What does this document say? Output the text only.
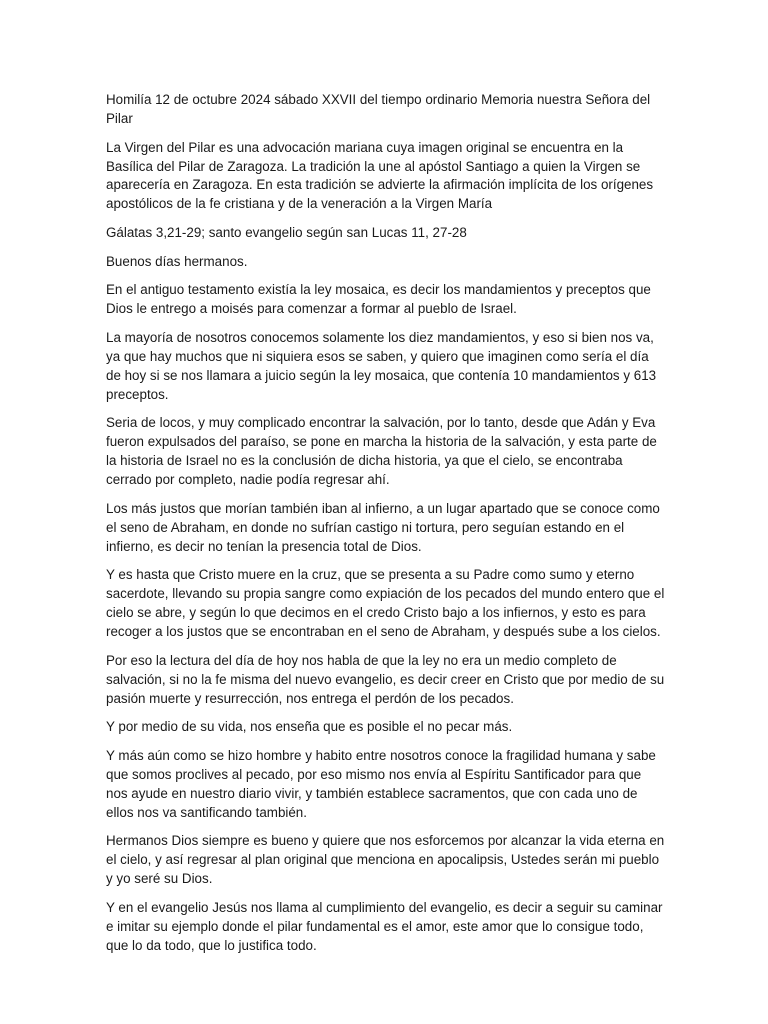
Homilía 12 de octubre 2024 sábado XXVII del tiempo ordinario Memoria nuestra Señora del Pilar

La Virgen del Pilar es una advocación mariana cuya imagen original se encuentra en la Basílica del Pilar de Zaragoza. La tradición la une al apóstol Santiago a quien la Virgen se aparecería en Zaragoza. En esta tradición se advierte la afirmación implícita de los orígenes apostólicos de la fe cristiana y de la veneración a la Virgen María

Gálatas 3,21-29; santo evangelio según san Lucas 11, 27-28

Buenos días hermanos.

En el antiguo testamento existía la ley mosaica, es decir los mandamientos y preceptos que Dios le entrego a moisés para comenzar a formar al pueblo de Israel.

La mayoría de nosotros conocemos solamente los diez mandamientos, y eso si bien nos va, ya que hay muchos que ni siquiera esos se saben, y quiero que imaginen como sería el día de hoy si se nos llamara a juicio según la ley mosaica, que contenía 10 mandamientos y 613 preceptos.

Seria de locos, y muy complicado encontrar la salvación, por lo tanto, desde que Adán y Eva fueron expulsados del paraíso, se pone en marcha la historia de la salvación, y esta parte de la historia de Israel no es la conclusión de dicha historia, ya que el cielo, se encontraba cerrado por completo, nadie podía regresar ahí.

Los más justos que morían también iban al infierno, a un lugar apartado que se conoce como el seno de Abraham, en donde no sufrían castigo ni tortura, pero seguían estando en el infierno, es decir no tenían la presencia total de Dios.

Y es hasta que Cristo muere en la cruz, que se presenta a su Padre como sumo y eterno sacerdote, llevando su propia sangre como expiación de los pecados del mundo entero que el cielo se abre, y según lo que decimos en el credo Cristo bajo a los infiernos, y esto es para recoger a los justos que se encontraban en el seno de Abraham, y después sube a los cielos.

Por eso la lectura del día de hoy nos habla de que la ley no era un medio completo de salvación, si no la fe misma del nuevo evangelio, es decir creer en Cristo que por medio de su pasión muerte y resurrección, nos entrega el perdón de los pecados.

Y por medio de su vida, nos enseña que es posible el no pecar más.

Y más aún como se hizo hombre y habito entre nosotros conoce la fragilidad humana y sabe que somos proclives al pecado, por eso mismo nos envía al Espíritu Santificador para que nos ayude en nuestro diario vivir, y también establece sacramentos, que con cada uno de ellos nos va santificando también.

Hermanos Dios siempre es bueno y quiere que nos esforcemos por alcanzar la vida eterna en el cielo, y así regresar al plan original que menciona en apocalipsis, Ustedes serán mi pueblo y yo seré su Dios.

Y en el evangelio Jesús nos llama al cumplimiento del evangelio, es decir a seguir su caminar e imitar su ejemplo donde el pilar fundamental es el amor, este amor que lo consigue todo, que lo da todo, que lo justifica todo.
